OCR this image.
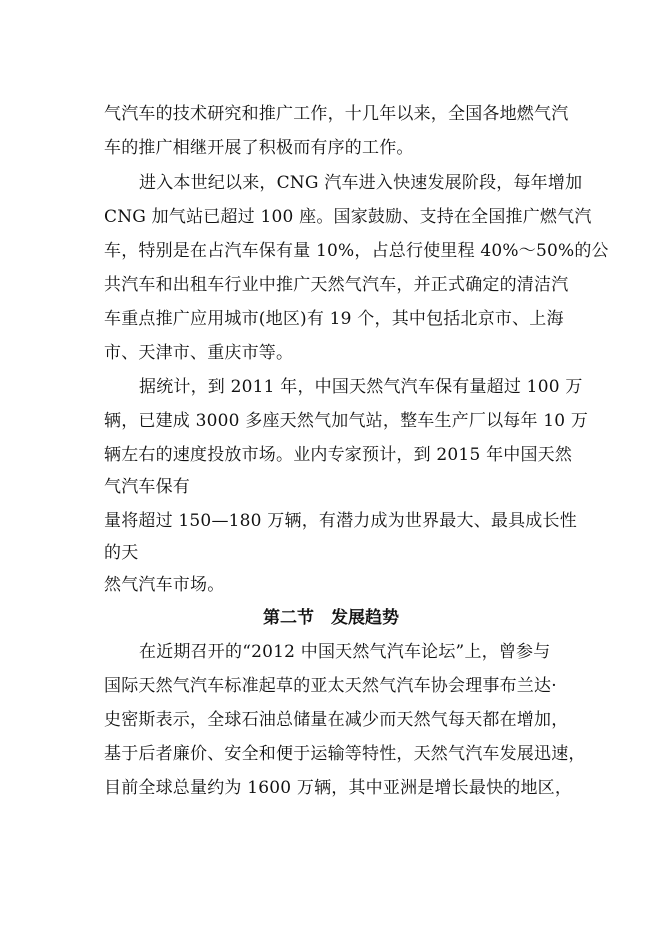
气汽车的技术研究和推广工作，十几年以来，全国各地燃气汽
车的推广相继开展了积极而有序的工作。
进入本世纪以来，CNG 汽车进入快速发展阶段，每年增加
CNG 加气站已超过 100 座。国家鼓励、支持在全国推广燃气汽
车，特别是在占汽车保有量 10%，占总行使里程 40%～50%的公
共汽车和出租车行业中推广天然气汽车，并正式确定的清洁汽
车重点推广应用城市(地区)有 19 个，其中包括北京市、上海
市、天津市、重庆市等。
据统计，到 2011 年，中国天然气汽车保有量超过 100 万
辆，已建成 3000 多座天然气加气站，整车生产厂以每年 10 万
辆左右的速度投放市场。业内专家预计，到 2015 年中国天然
气汽车保有
量将超过 150—180 万辆，有潜力成为世界最大、最具成长性
的天
然气汽车市场。
第二节　发展趋势
在近期召开的“2012 中国天然气汽车论坛”上，曾参与
国际天然气汽车标准起草的亚太天然气汽车协会理事布兰达·
史密斯表示，全球石油总储量在减少而天然气每天都在增加，
基于后者廉价、安全和便于运输等特性，天然气汽车发展迅速，
目前全球总量约为 1600 万辆，其中亚洲是增长最快的地区，
